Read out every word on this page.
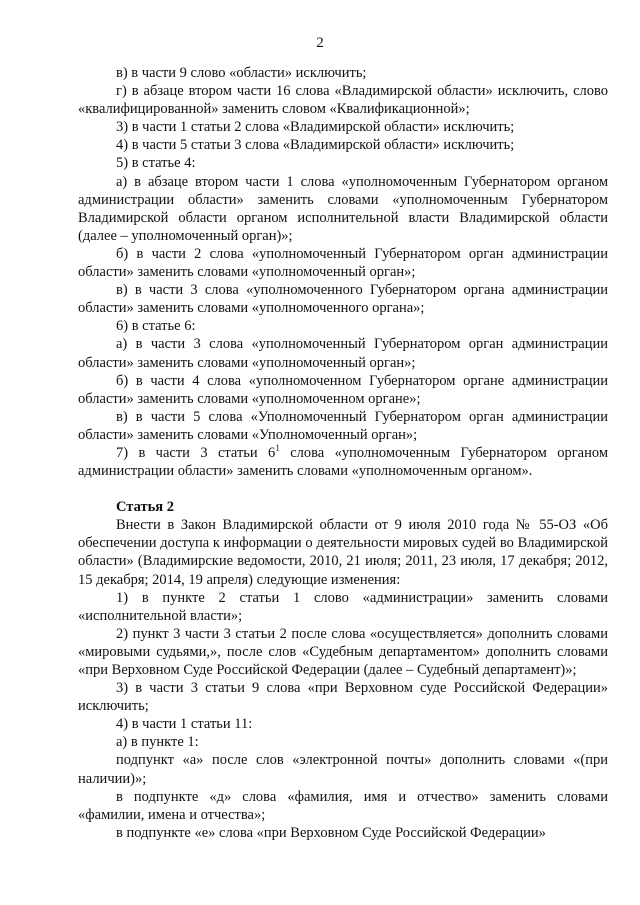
2

в) в части 9 слово «области» исключить;

г) в абзаце втором части 16 слова «Владимирской области» исключить, слово «квалифицированной» заменить словом «Квалификационной»;

3) в части 1 статьи 2 слова «Владимирской области» исключить;

4) в части 5 статьи 3 слова «Владимирской области» исключить;

5) в статье 4:

а) в абзаце втором части 1 слова «уполномоченным Губернатором органом администрации области» заменить словами «уполномоченным Губернатором Владимирской области органом исполнительной власти Владимирской области (далее – уполномоченный орган)»;

б) в части 2 слова «уполномоченный Губернатором орган администрации области» заменить словами «уполномоченный орган»;

в) в части 3 слова «уполномоченного Губернатором органа администрации области» заменить словами «уполномоченного органа»;

6) в статье 6:

а) в части 3 слова «уполномоченный Губернатором орган администрации области» заменить словами «уполномоченный орган»;

б) в части 4 слова «уполномоченном Губернатором органе администрации области» заменить словами «уполномоченном органе»;

в) в части 5 слова «Уполномоченный Губернатором орган администрации области» заменить словами «Уполномоченный орган»;

7) в части 3 статьи $6^1$ слова «уполномоченным Губернатором органом администрации области» заменить словами «уполномоченным органом».

Статья 2

Внести в Закон Владимирской области от 9 июля 2010 года № 55-ОЗ «Об обеспечении доступа к информации о деятельности мировых судей во Владимирской области» (Владимирские ведомости, 2010, 21 июля; 2011, 23 июля, 17 декабря; 2012, 15 декабря; 2014, 19 апреля) следующие изменения:

1) в пункте 2 статьи 1 слово «администрации» заменить словами «исполнительной власти»;

2) пункт 3 части 3 статьи 2 после слова «осуществляется» дополнить словами «мировыми судьями,», после слов «Судебным департаментом» дополнить словами «при Верховном Суде Российской Федерации (далее – Судебный департамент)»;

3) в части 3 статьи 9 слова «при Верховном суде Российской Федерации» исключить;

4) в части 1 статьи 11:

а) в пункте 1:

подпункт «а» после слов «электронной почты» дополнить словами «(при наличии)»;

в подпункте «д» слова «фамилия, имя и отчество» заменить словами «фамилии, имена и отчества»;

в подпункте «е» слова «при Верховном Суде Российской Федерации»
